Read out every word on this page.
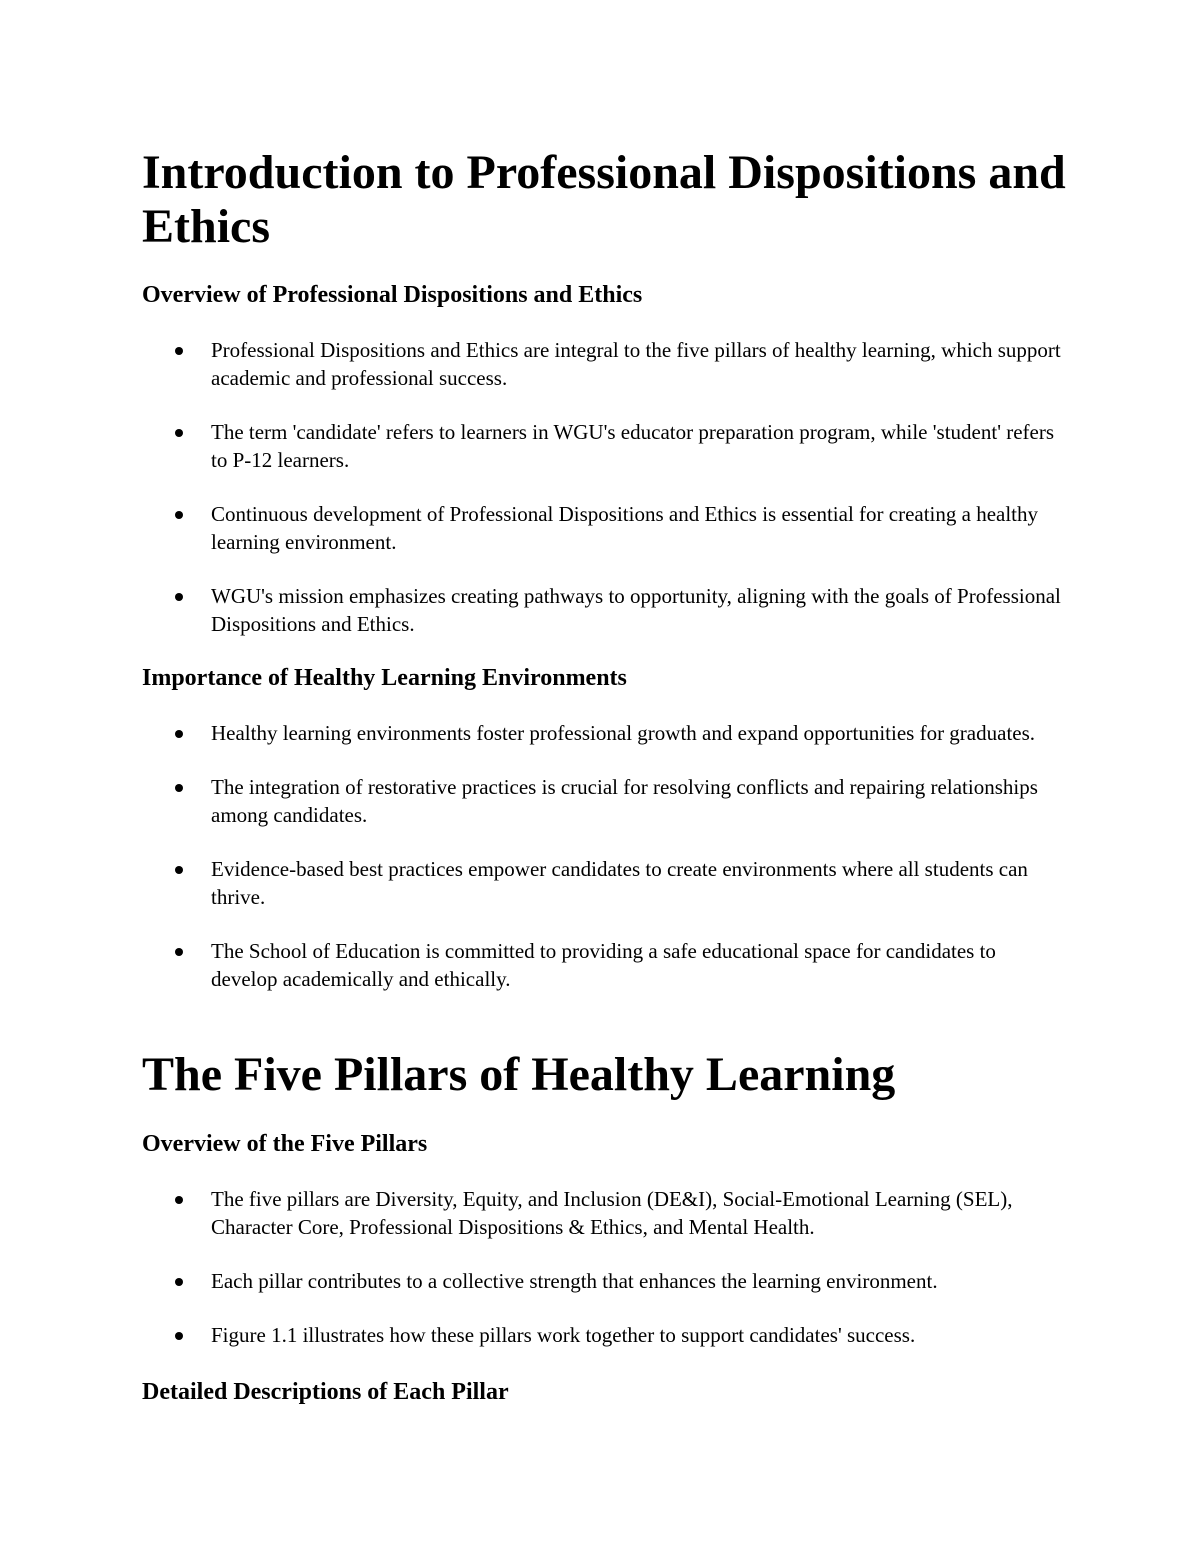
Introduction to Professional Dispositions and Ethics
Overview of Professional Dispositions and Ethics
Professional Dispositions and Ethics are integral to the five pillars of healthy learning, which support academic and professional success.
The term 'candidate' refers to learners in WGU's educator preparation program, while 'student' refers to P-12 learners.
Continuous development of Professional Dispositions and Ethics is essential for creating a healthy learning environment.
WGU's mission emphasizes creating pathways to opportunity, aligning with the goals of Professional Dispositions and Ethics.
Importance of Healthy Learning Environments
Healthy learning environments foster professional growth and expand opportunities for graduates.
The integration of restorative practices is crucial for resolving conflicts and repairing relationships among candidates.
Evidence-based best practices empower candidates to create environments where all students can thrive.
The School of Education is committed to providing a safe educational space for candidates to develop academically and ethically.
The Five Pillars of Healthy Learning
Overview of the Five Pillars
The five pillars are Diversity, Equity, and Inclusion (DE&I), Social-Emotional Learning (SEL), Character Core, Professional Dispositions & Ethics, and Mental Health.
Each pillar contributes to a collective strength that enhances the learning environment.
Figure 1.1 illustrates how these pillars work together to support candidates' success.
Detailed Descriptions of Each Pillar
